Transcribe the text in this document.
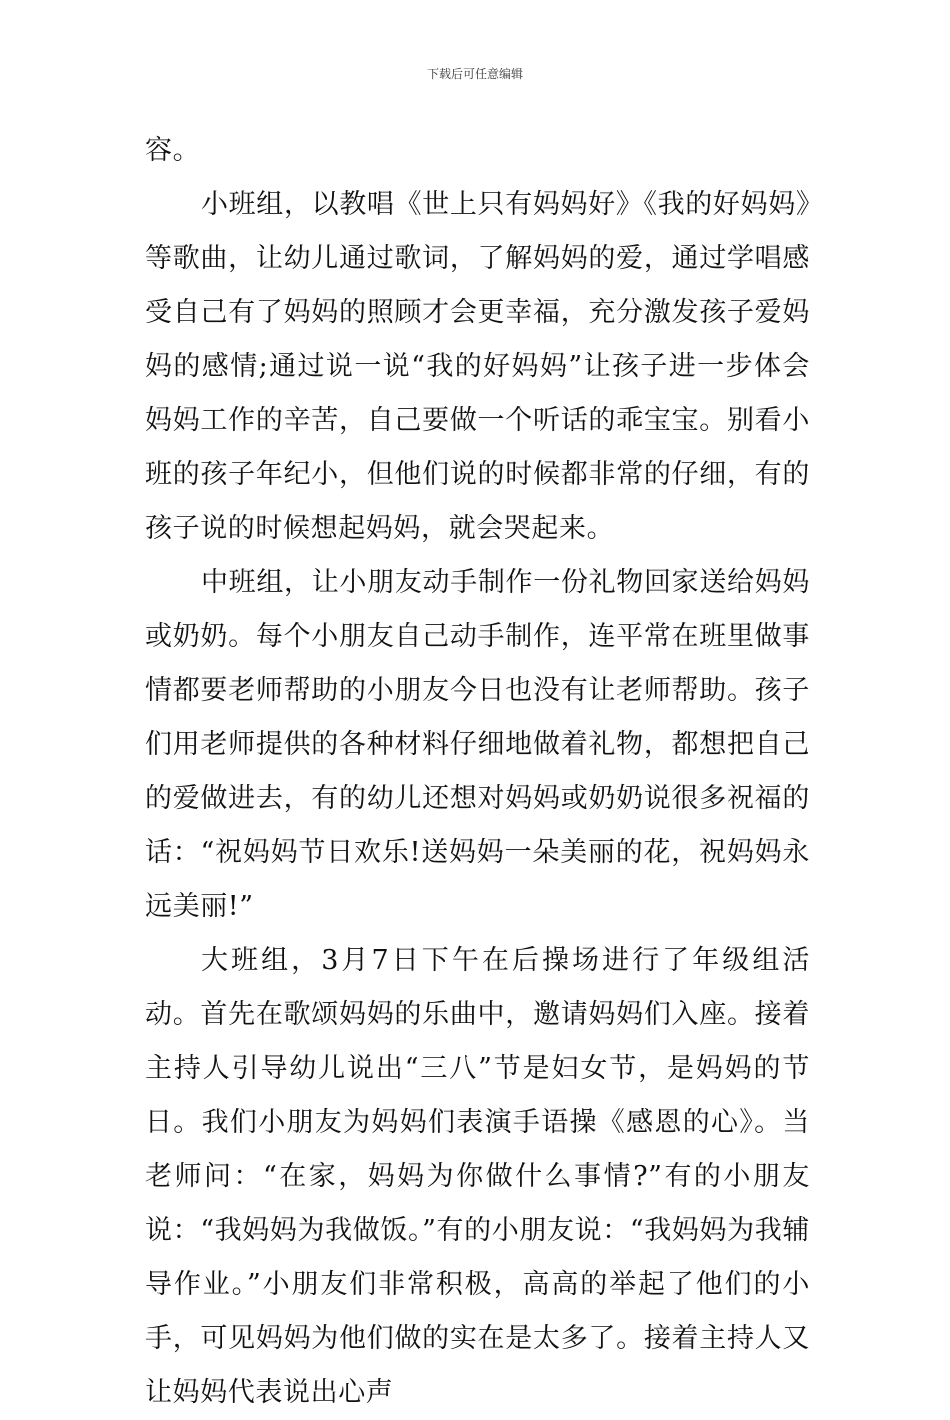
下载后可任意编辑

容。

小班组，以教唱《世上只有妈妈好》《我的好妈妈》等歌曲，让幼儿通过歌词，了解妈妈的爱，通过学唱感受自己有了妈妈的照顾才会更幸福，充分激发孩子爱妈妈的感情;通过说一说“我的好妈妈”让孩子进一步体会妈妈工作的辛苦，自己要做一个听话的乖宝宝。别看小班的孩子年纪小，但他们说的时候都非常的仔细，有的孩子说的时候想起妈妈，就会哭起来。

中班组，让小朋友动手制作一份礼物回家送给妈妈或奶奶。每个小朋友自己动手制作，连平常在班里做事情都要老师帮助的小朋友今日也没有让老师帮助。孩子们用老师提供的各种材料仔细地做着礼物，都想把自己的爱做进去，有的幼儿还想对妈妈或奶奶说很多祝福的话：“祝妈妈节日欢乐!送妈妈一朵美丽的花，祝妈妈永远美丽!”

大班组，3月7日下午在后操场进行了年级组活动。首先在歌颂妈妈的乐曲中，邀请妈妈们入座。接着主持人引导幼儿说出“三八”节是妇女节，是妈妈的节日。我们小朋友为妈妈们表演手语操《感恩的心》。当老师问：“在家，妈妈为你做什么事情?”有的小朋友说：“我妈妈为我做饭。”有的小朋友说：“我妈妈为我辅导作业。”小朋友们非常积极，高高的举起了他们的小手，可见妈妈为他们做的实在是太多了。接着主持人又让妈妈代表说出心声
